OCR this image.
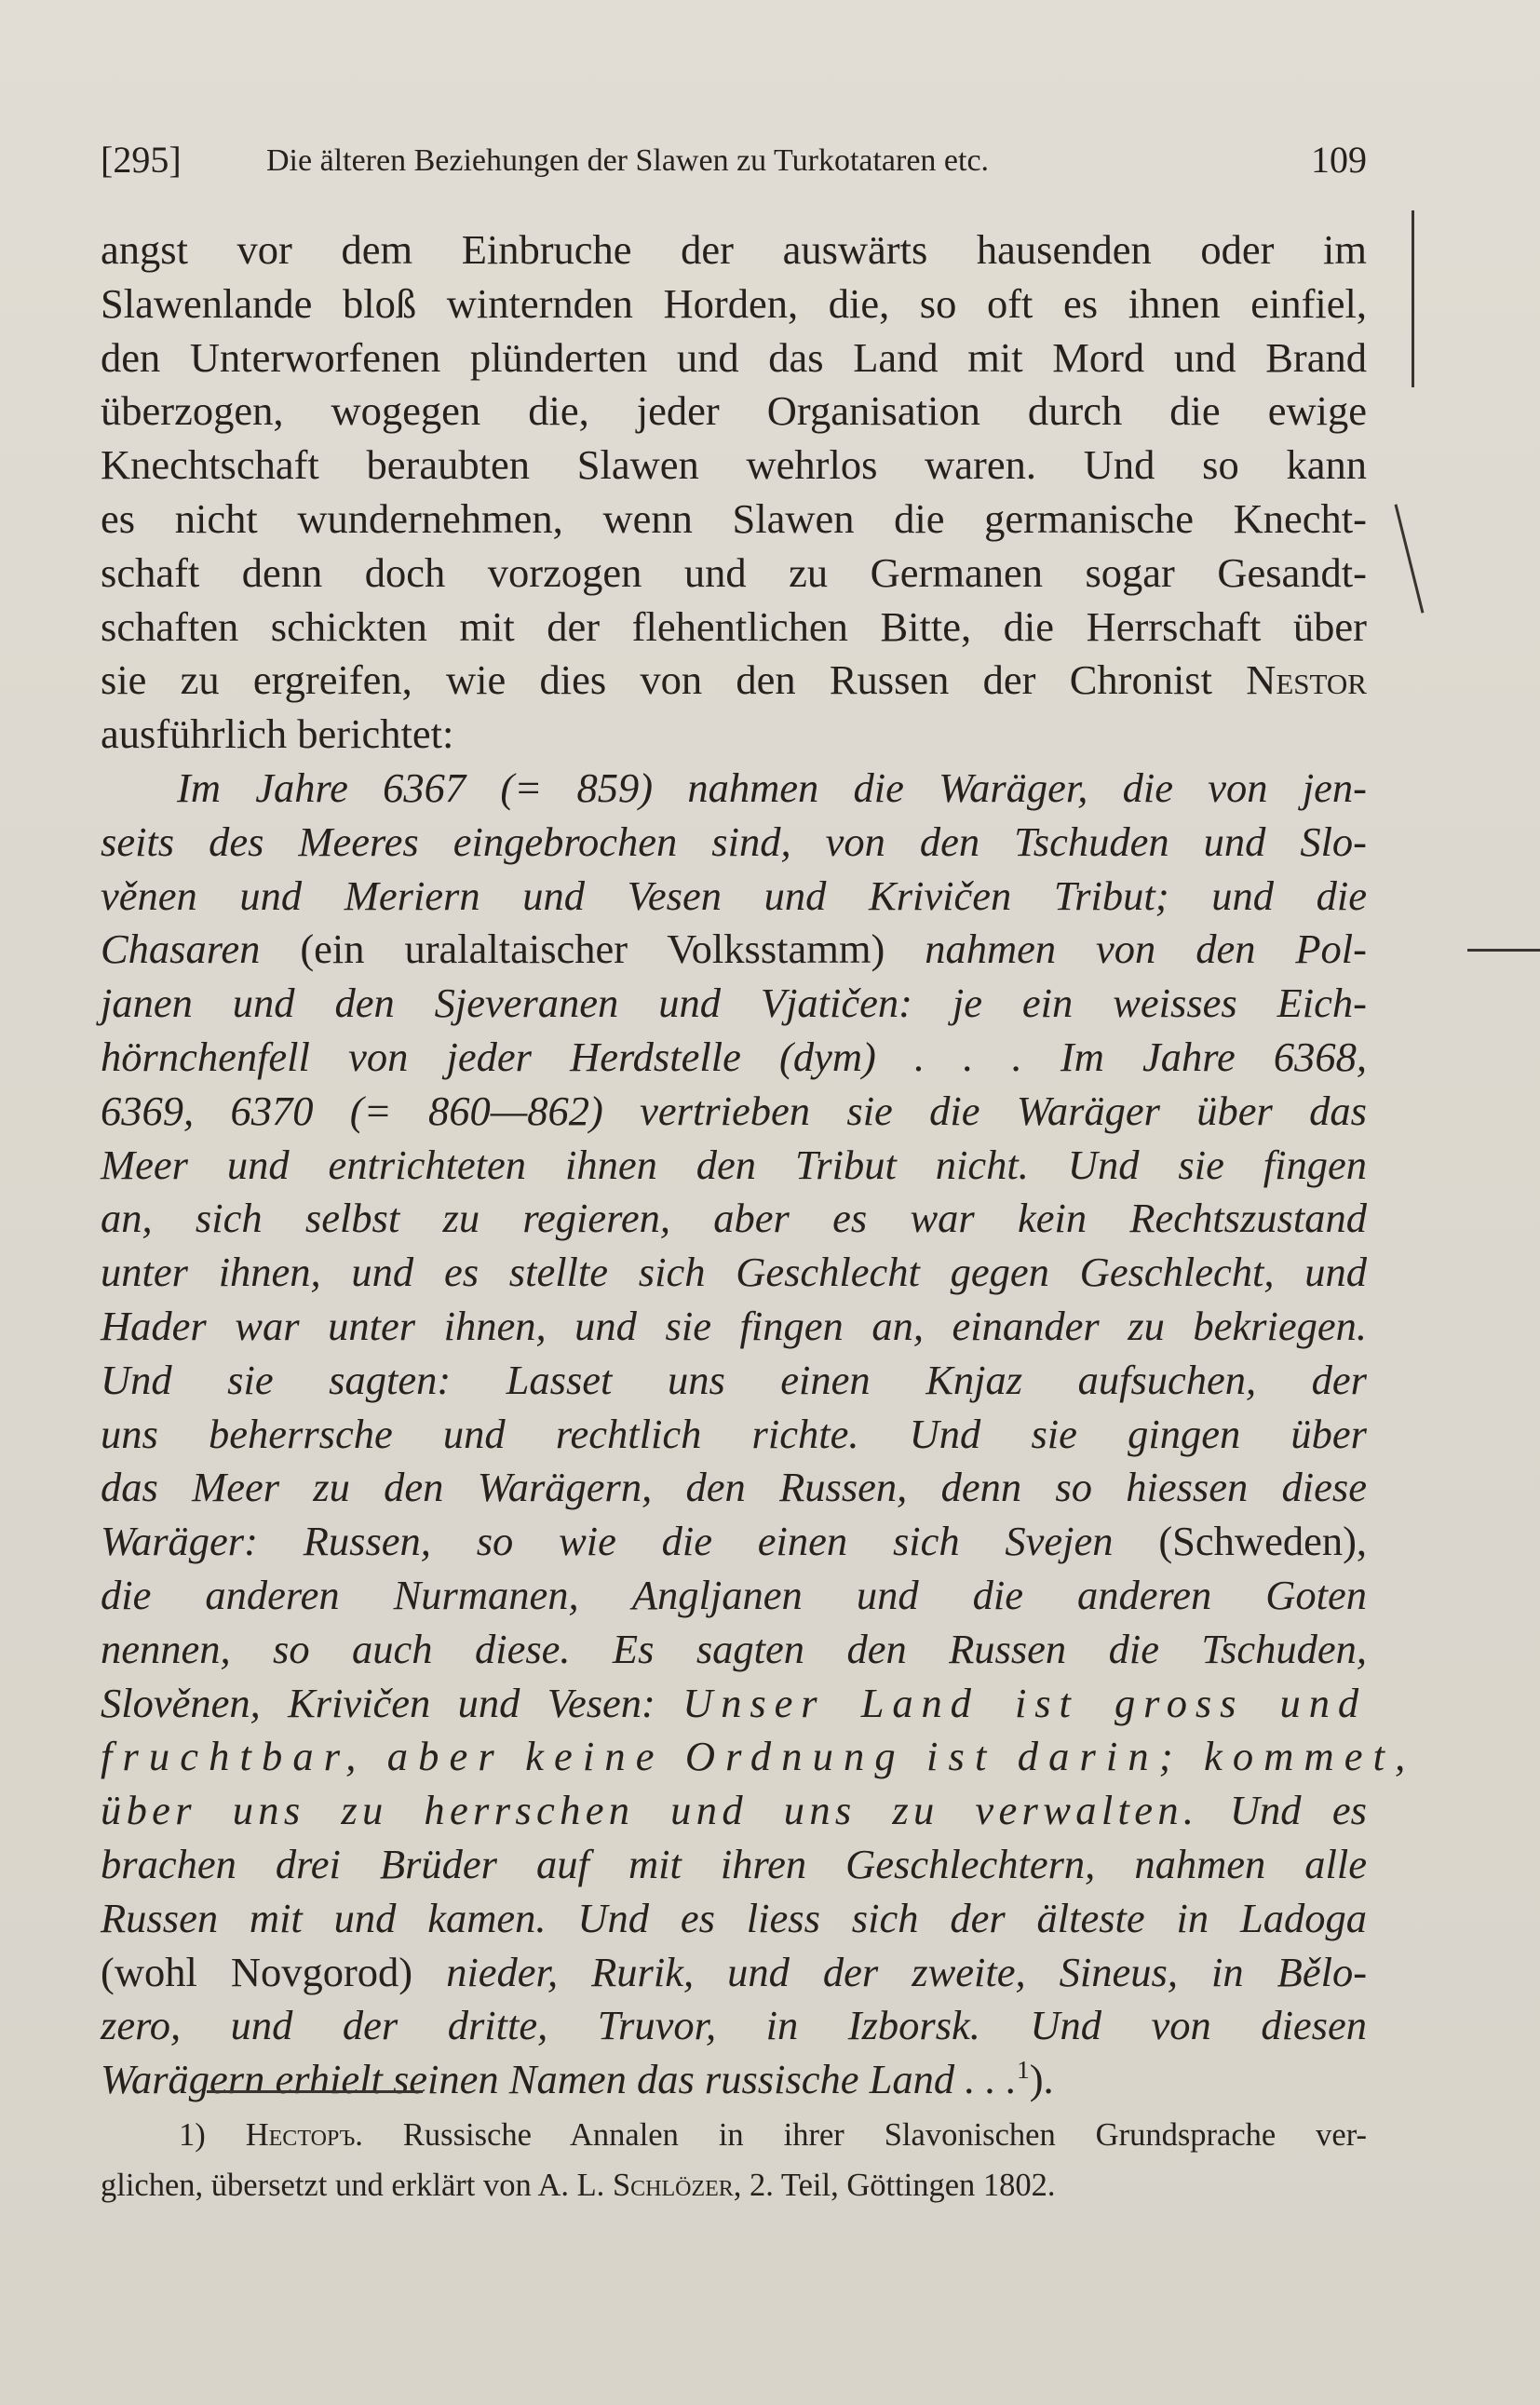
[295]	Die älteren Beziehungen der Slawen zu Turkotataren etc.	109
angst vor dem Einbruche der auswärts hausenden oder im
Slawenlande bloß winternden Horden, die, so oft es ihnen einfiel,
den Unterworfenen plünderten und das Land mit Mord und Brand
überzogen, wogegen die, jeder Organisation durch die ewige
Knechtschaft beraubten Slawen wehrlos waren. Und so kann
es nicht wundernehmen, wenn Slawen die germanische Knecht-
schaft denn doch vorzogen und zu Germanen sogar Gesandt-
schaften schickten mit der flehentlichen Bitte, die Herrschaft über
sie zu ergreifen, wie dies von den Russen der Chronist Nestor
ausführlich berichtet:
Im Jahre 6367 (= 859) nahmen die Waräger, die von jen-
seits des Meeres eingebrochen sind, von den Tschuden und Slo-
věnen und Meriern und Vesen und Krivičen Tribut; und die
Chasaren (ein uralaltaischer Volksstamm) nahmen von den Pol-
janen und den Sjeveranen und Vjatičen: je ein weisses Eich-
hörnchenfell von jeder Herdstelle (dym) . . . Im Jahre 6368,
6369, 6370 (= 860—862) vertrieben sie die Waräger über das
Meer und entrichteten ihnen den Tribut nicht. Und sie fingen
an, sich selbst zu regieren, aber es war kein Rechtszustand
unter ihnen, und es stellte sich Geschlecht gegen Geschlecht, und
Hader war unter ihnen, und sie fingen an, einander zu bekriegen.
Und sie sagten: Lasset uns einen Knjaz aufsuchen, der
uns beherrsche und rechtlich richte. Und sie gingen über
das Meer zu den Warägern, den Russen, denn so hiessen diese
Waräger: Russen, so wie die einen sich Svejen (Schweden),
die anderen Nurmanen, Angljanen und die anderen Goten
nennen, so auch diese. Es sagten den Russen die Tschuden,
Slověnen, Krivičen und Vesen: Unser Land ist gross und
fruchtbar, aber keine Ordnung ist darin; kommet,
über uns zu herrschen und uns zu verwalten. Und es
brachen drei Brüder auf mit ihren Geschlechtern, nahmen alle
Russen mit und kamen. Und es liess sich der älteste in Ladoga
(wohl Novgorod) nieder, Rurik, und der zweite, Sineus, in Bělo-
zero, und der dritte, Truvor, in Izborsk. Und von diesen
Warägern erhielt seinen Namen das russische Land . . .$^1$).
1) Несторъ. Russische Annalen in ihrer Slavonischen Grundsprache ver-
glichen, übersetzt und erklärt von A. L. Schlözer, 2. Teil, Göttingen 1802.
